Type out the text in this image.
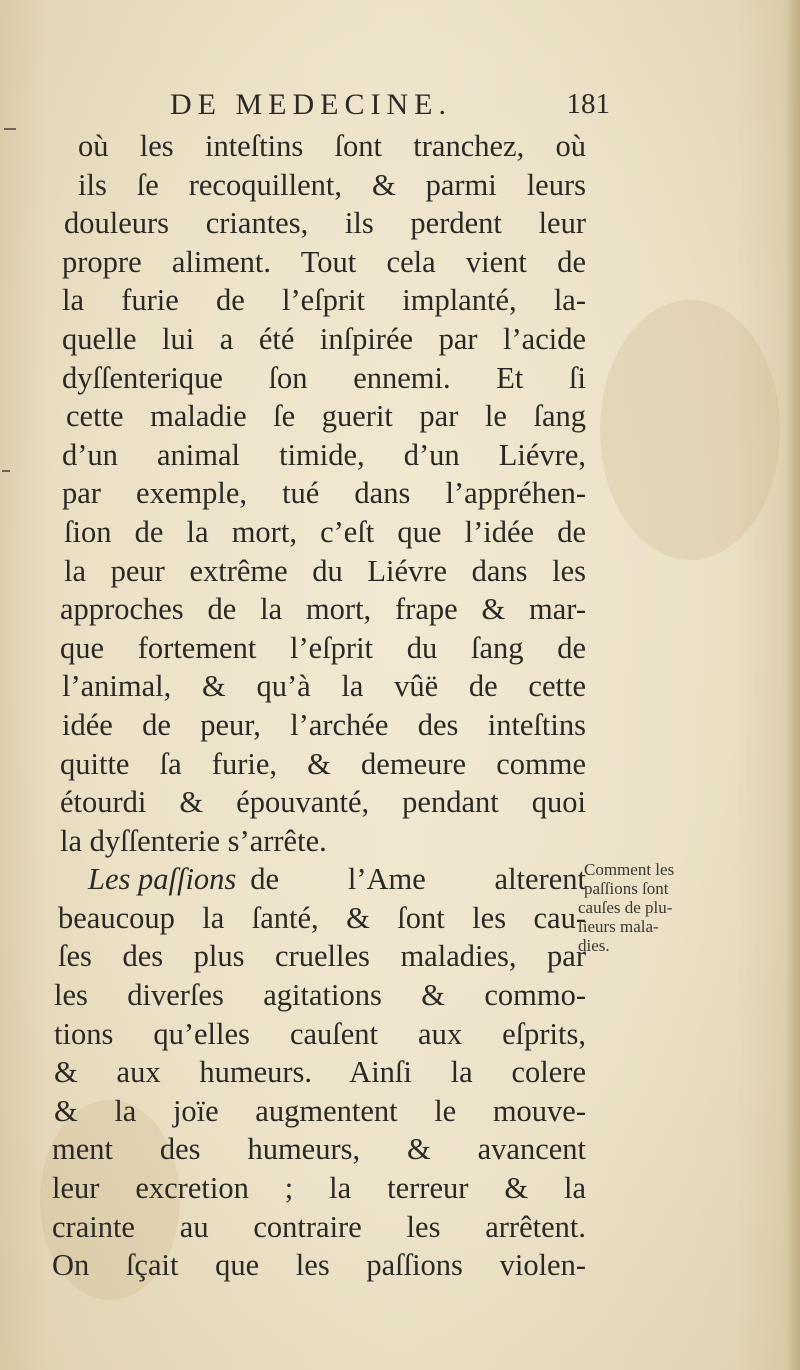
DE MEDECINE.	181
où les inteſtins ſont tranchez, où
ils ſe recoquillent, & parmi leurs
douleurs criantes, ils perdent leur
propre aliment. Tout cela vient de
la furie de l’eſprit implanté, la-
quelle lui a été inſpirée par l’acide
dyſſenterique ſon ennemi. Et ſi
cette maladie ſe guerit par le ſang
d’un animal timide, d’un Liévre,
par exemple, tué dans l’appréhen-
ſion de la mort, c’eſt que l’idée de
la peur extrême du Liévre dans les
approches de la mort, frape & mar-
que fortement l’eſprit du ſang de
l’animal, & qu’à la vûë de cette
idée de peur, l’archée des inteſtins
quitte ſa furie, & demeure comme
étourdi & épouvanté, pendant quoi
la dyſſenterie s’arrête.
Les paſſions de l’Ame alterent
beaucoup la ſanté, & ſont les cau-
ſes des plus cruelles maladies, par
les diverſes agitations & commo-
tions qu’elles cauſent aux eſprits,
& aux humeurs. Ainſi la colere
& la joïe augmentent le mouve-
ment des humeurs, & avancent
leur excretion ; la terreur & la
crainte au contraire les arrêtent.
On ſçait que les paſſions violen-
Comment les
paſſions ſont
cauſes de plu-
ſieurs mala-
dies.
